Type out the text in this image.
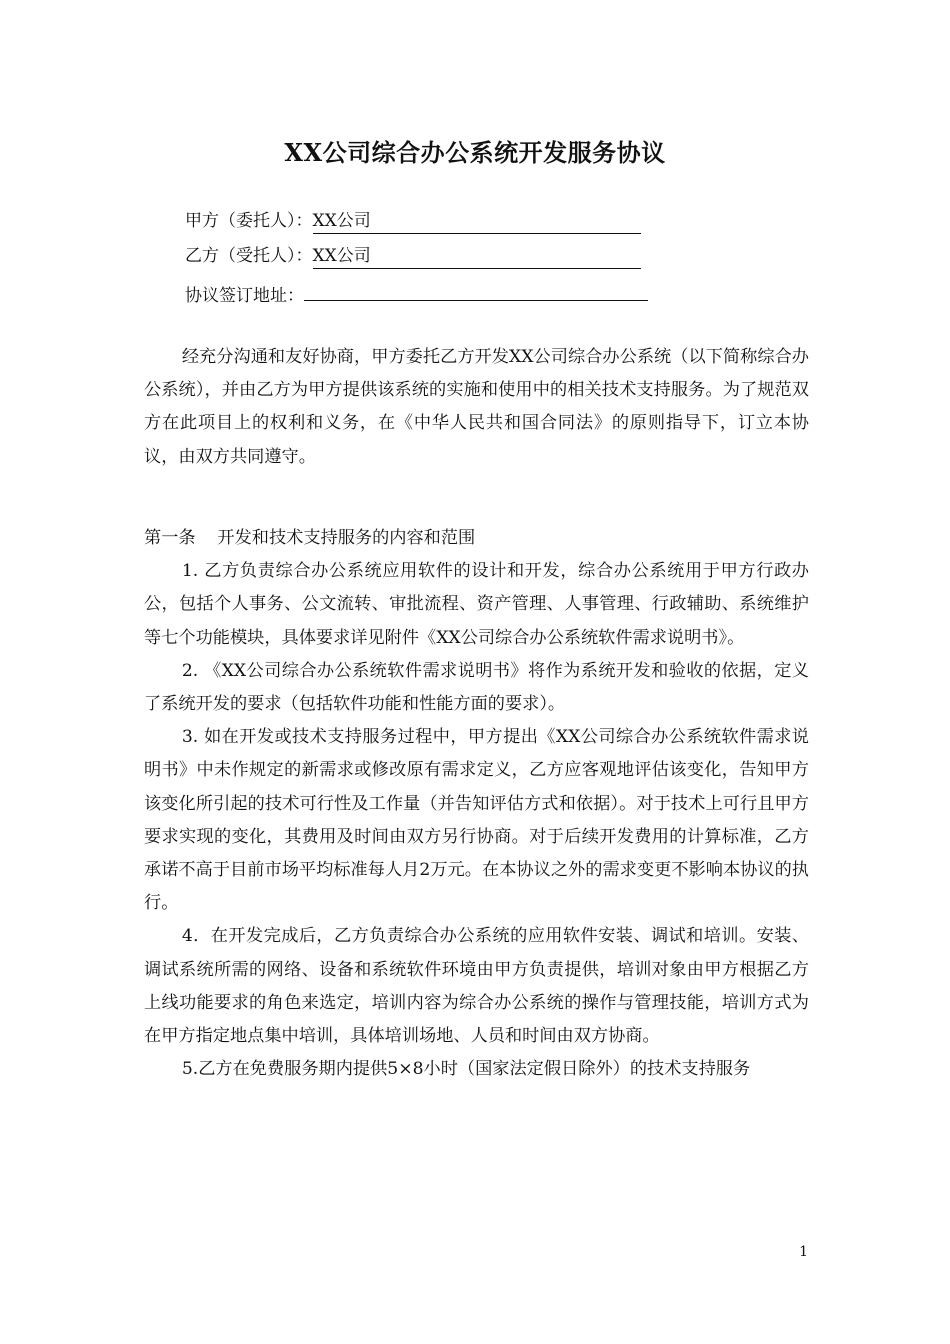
XX公司综合办公系统开发服务协议
甲方（委托人）：XX公司
乙方（受托人）：XX公司
协议签订地址：

经充分沟通和友好协商，甲方委托乙方开发XX公司综合办公系统（以下简称综合办公系统），并由乙方为甲方提供该系统的实施和使用中的相关技术支持服务。为了规范双方在此项目上的权利和义务，在《中华人民共和国合同法》的原则指导下，订立本协议，由双方共同遵守。

第一条    开发和技术支持服务的内容和范围

1. 乙方负责综合办公系统应用软件的设计和开发，综合办公系统用于甲方行政办公，包括个人事务、公文流转、审批流程、资产管理、人事管理、行政辅助、系统维护等七个功能模块，具体要求详见附件《XX公司综合办公系统软件需求说明书》。

2. 《XX公司综合办公系统软件需求说明书》将作为系统开发和验收的依据，定义了系统开发的要求（包括软件功能和性能方面的要求）。

3. 如在开发或技术支持服务过程中，甲方提出《XX公司综合办公系统软件需求说明书》中未作规定的新需求或修改原有需求定义，乙方应客观地评估该变化，告知甲方该变化所引起的技术可行性及工作量（并告知评估方式和依据）。对于技术上可行且甲方要求实现的变化，其费用及时间由双方另行协商。对于后续开发费用的计算标准，乙方承诺不高于目前市场平均标准每人月2万元。在本协议之外的需求变更不影响本协议的执行。

4．在开发完成后，乙方负责综合办公系统的应用软件安装、调试和培训。安装、调试系统所需的网络、设备和系统软件环境由甲方负责提供，培训对象由甲方根据乙方上线功能要求的角色来选定，培训内容为综合办公系统的操作与管理技能，培训方式为在甲方指定地点集中培训，具体培训场地、人员和时间由双方协商。

5.乙方在免费服务期内提供5×8小时（国家法定假日除外）的技术支持服务

1
